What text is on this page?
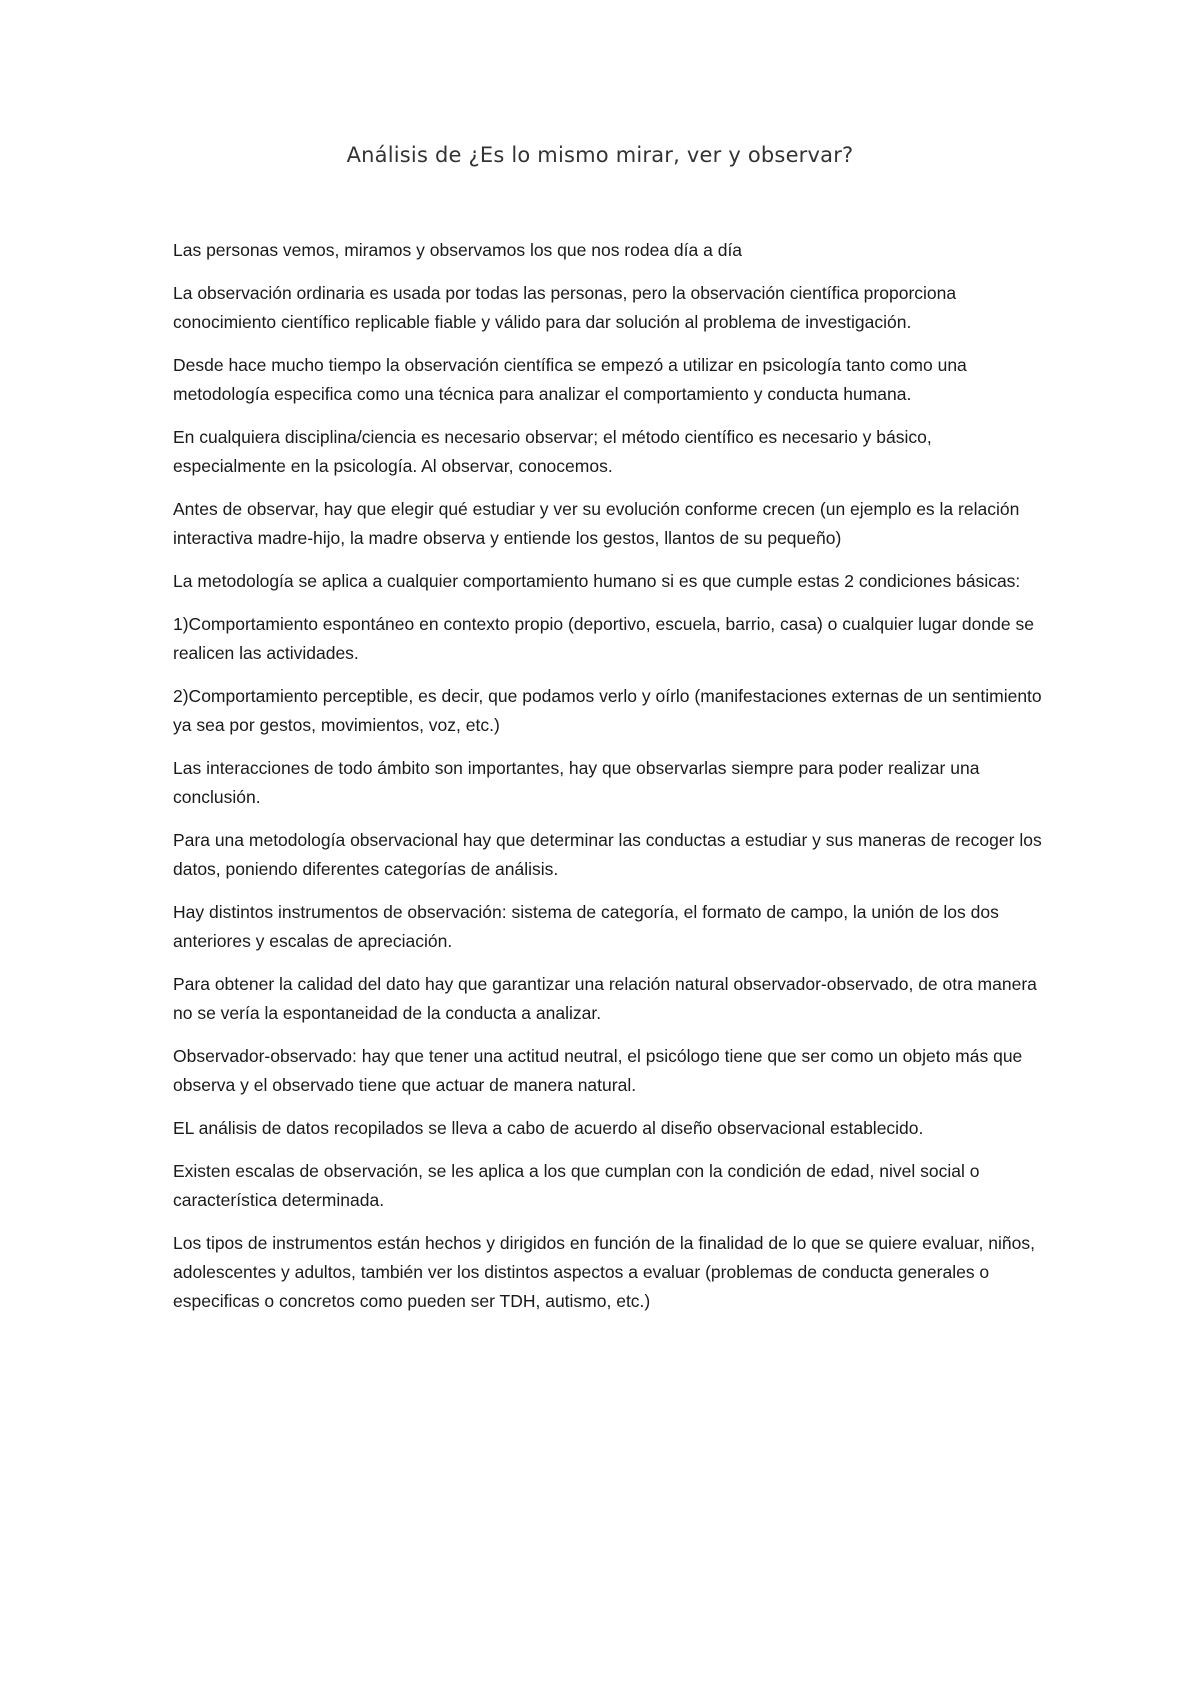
Análisis de ¿Es lo mismo mirar, ver y observar?

Las personas vemos, miramos y observamos los que nos rodea día a día

La observación ordinaria es usada por todas las personas, pero la observación científica proporciona conocimiento científico replicable fiable y válido para dar solución al problema de investigación.

Desde hace mucho tiempo la observación científica se empezó a utilizar en psicología tanto como una metodología especifica como una técnica para analizar el comportamiento y conducta humana.

En cualquiera disciplina/ciencia es necesario observar; el método científico es necesario y básico, especialmente en la psicología. Al observar, conocemos.

Antes de observar, hay que elegir qué estudiar y ver su evolución conforme crecen (un ejemplo es la relación interactiva madre-hijo, la madre observa y entiende los gestos, llantos de su pequeño)

La metodología se aplica a cualquier comportamiento humano si es que cumple estas 2 condiciones básicas:

1)Comportamiento espontáneo en contexto propio (deportivo, escuela, barrio, casa) o cualquier lugar donde se realicen las actividades.

2)Comportamiento perceptible, es decir, que podamos verlo y oírlo (manifestaciones externas de un sentimiento ya sea por gestos, movimientos, voz, etc.)

Las interacciones de todo ámbito son importantes, hay que observarlas siempre para poder realizar una conclusión.

Para una metodología observacional hay que determinar las conductas a estudiar y sus maneras de recoger los datos, poniendo diferentes categorías de análisis.

Hay distintos instrumentos de observación: sistema de categoría, el formato de campo, la unión de los dos anteriores y escalas de apreciación.

Para obtener la calidad del dato hay que garantizar una relación natural observador-observado, de otra manera no se vería la espontaneidad de la conducta a analizar.

Observador-observado: hay que tener una actitud neutral, el psicólogo tiene que ser como un objeto más que observa y el observado tiene que actuar de manera natural.

EL análisis de datos recopilados se lleva a cabo de acuerdo al diseño observacional establecido.

Existen escalas de observación, se les aplica a los que cumplan con la condición de edad, nivel social o característica determinada.

Los tipos de instrumentos están hechos y dirigidos en función de la finalidad de lo que se quiere evaluar, niños, adolescentes y adultos, también ver los distintos aspectos a evaluar (problemas de conducta generales o especificas o concretos como pueden ser TDH, autismo, etc.)
